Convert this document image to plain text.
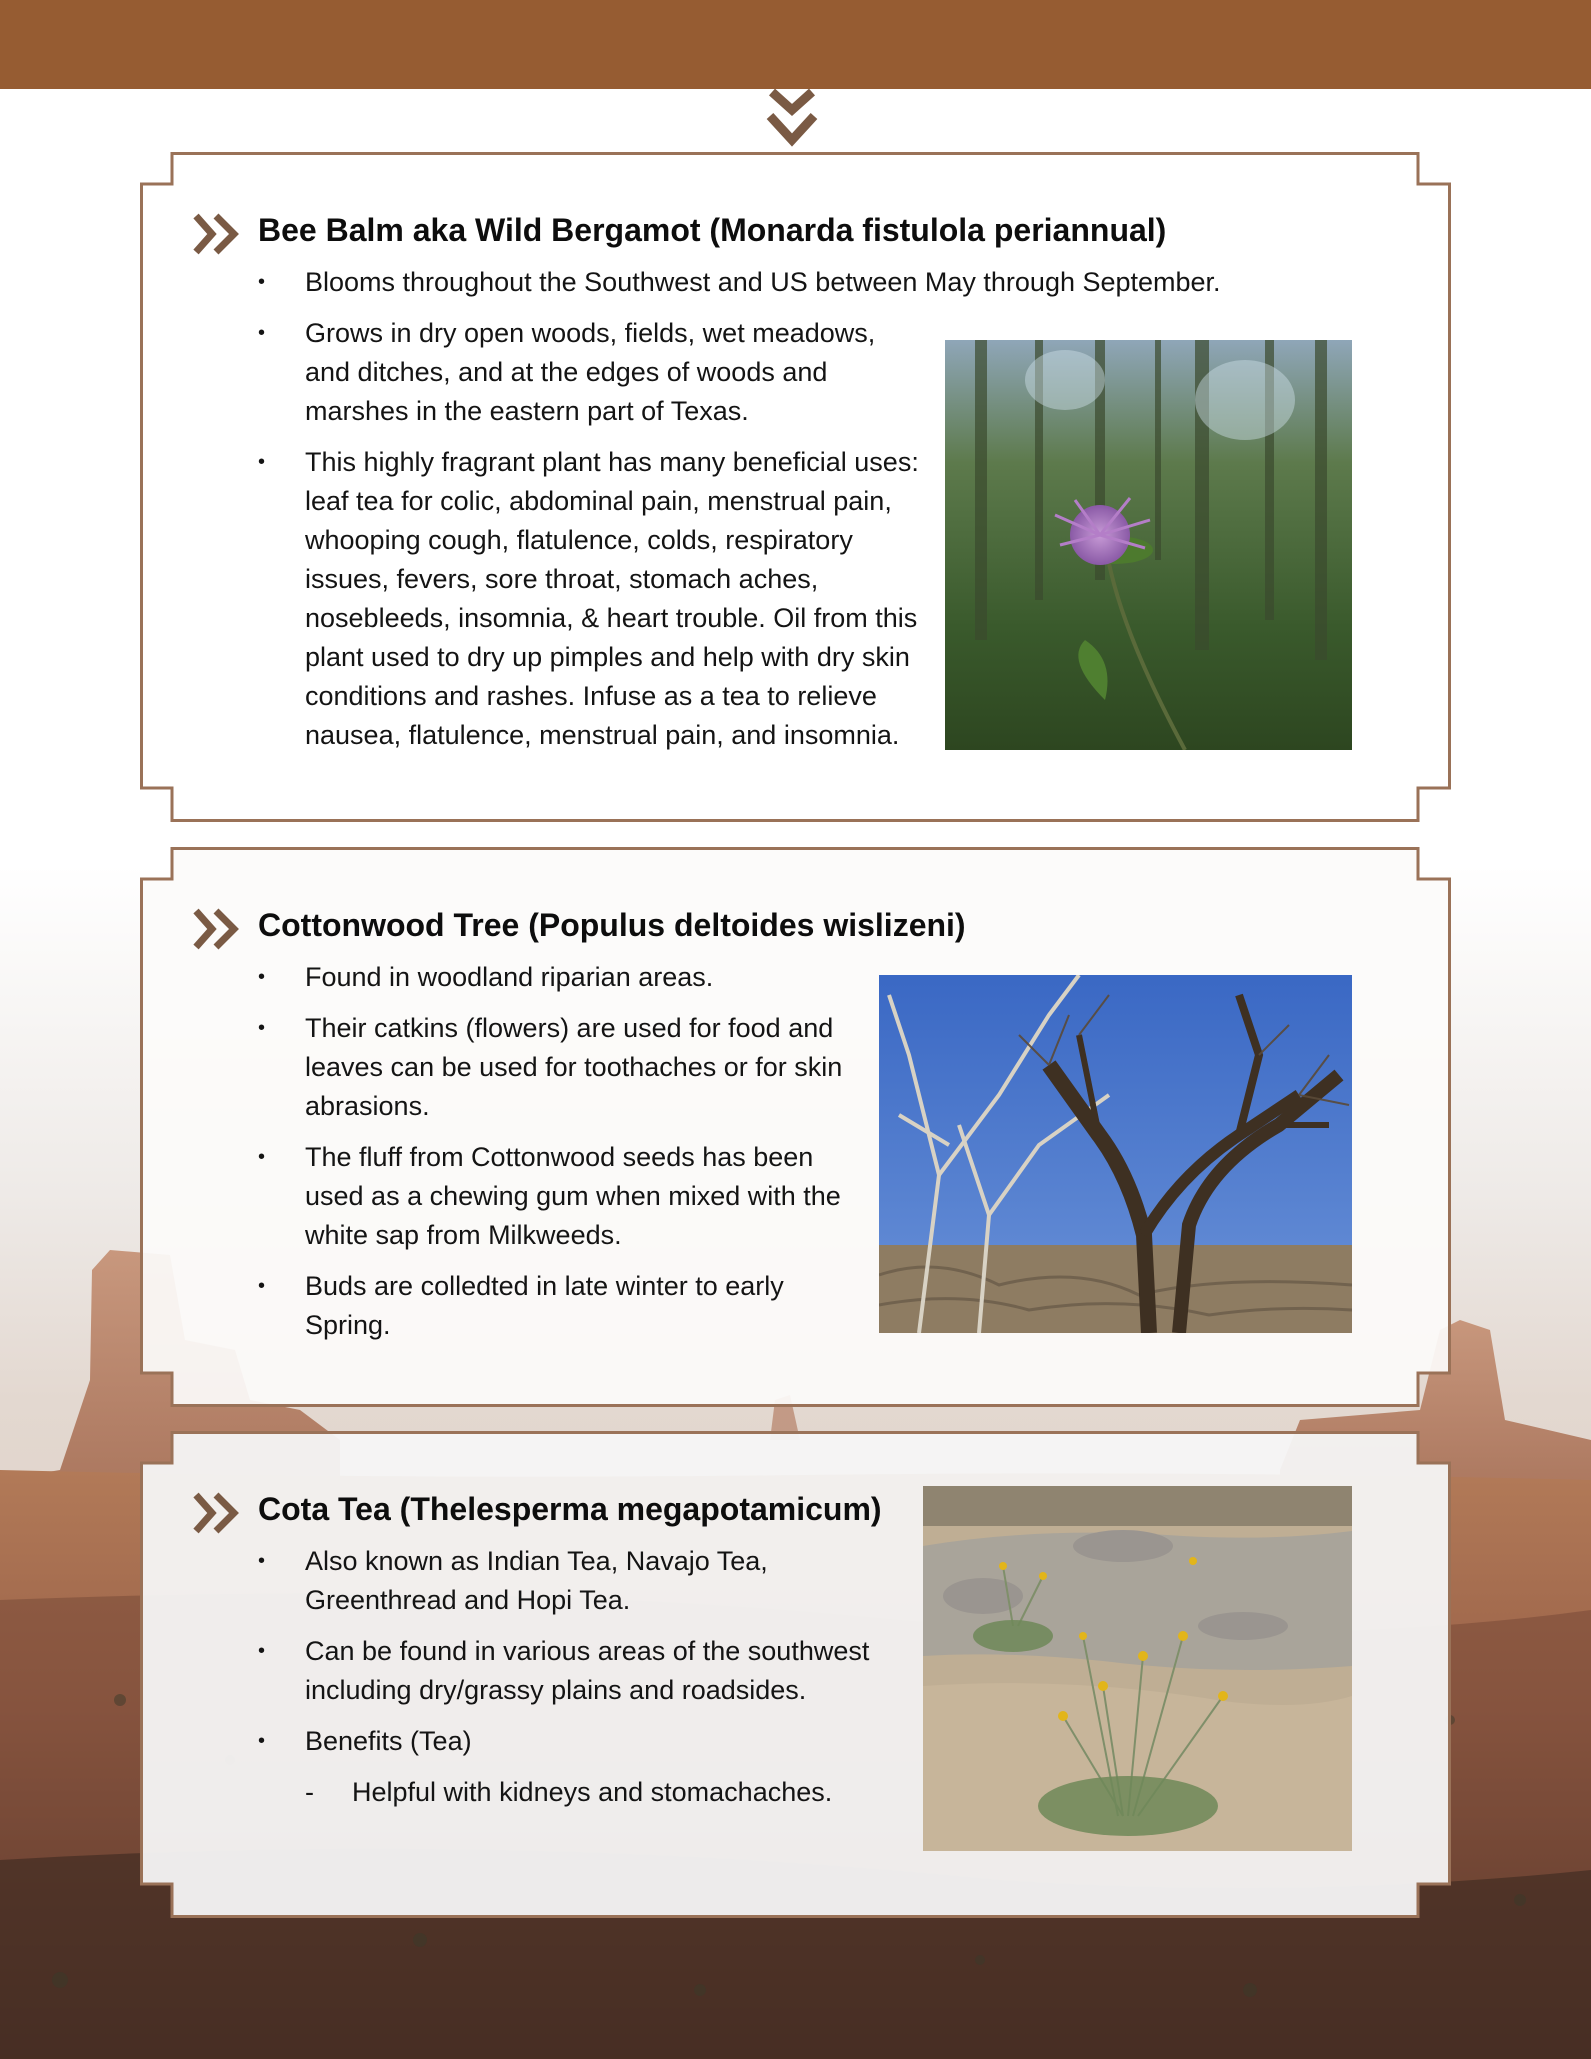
Bee Balm aka Wild Bergamot (Monarda fistulola periannual)
• Blooms throughout the Southwest and US between May through September.
• Grows in dry open woods, fields, wet meadows, and ditches, and at the edges of woods and marshes in the eastern part of Texas.
• This highly fragrant plant has many beneficial uses: leaf tea for colic, abdominal pain, menstrual pain, whooping cough, flatulence, colds, respiratory issues, fevers, sore throat, stomach aches, nosebleeds, insomnia, & heart trouble. Oil from this plant used to dry up pimples and help with dry skin conditions and rashes. Infuse as a tea to relieve nausea, flatulence, menstrual pain, and insomnia.
Cottonwood Tree (Populus deltoides wislizeni)
• Found in woodland riparian areas.
• Their catkins (flowers) are used for food and leaves can be used for toothaches or for skin abrasions.
• The fluff from Cottonwood seeds has been used as a chewing gum when mixed with the white sap from Milkweeds.
• Buds are colledted in late winter to early Spring.
Cota Tea (Thelesperma megapotamicum)
• Also known as Indian Tea, Navajo Tea, Greenthread and Hopi Tea.
• Can be found in various areas of the southwest including dry/grassy plains and roadsides.
• Benefits (Tea)
- Helpful with kidneys and stomachaches.
